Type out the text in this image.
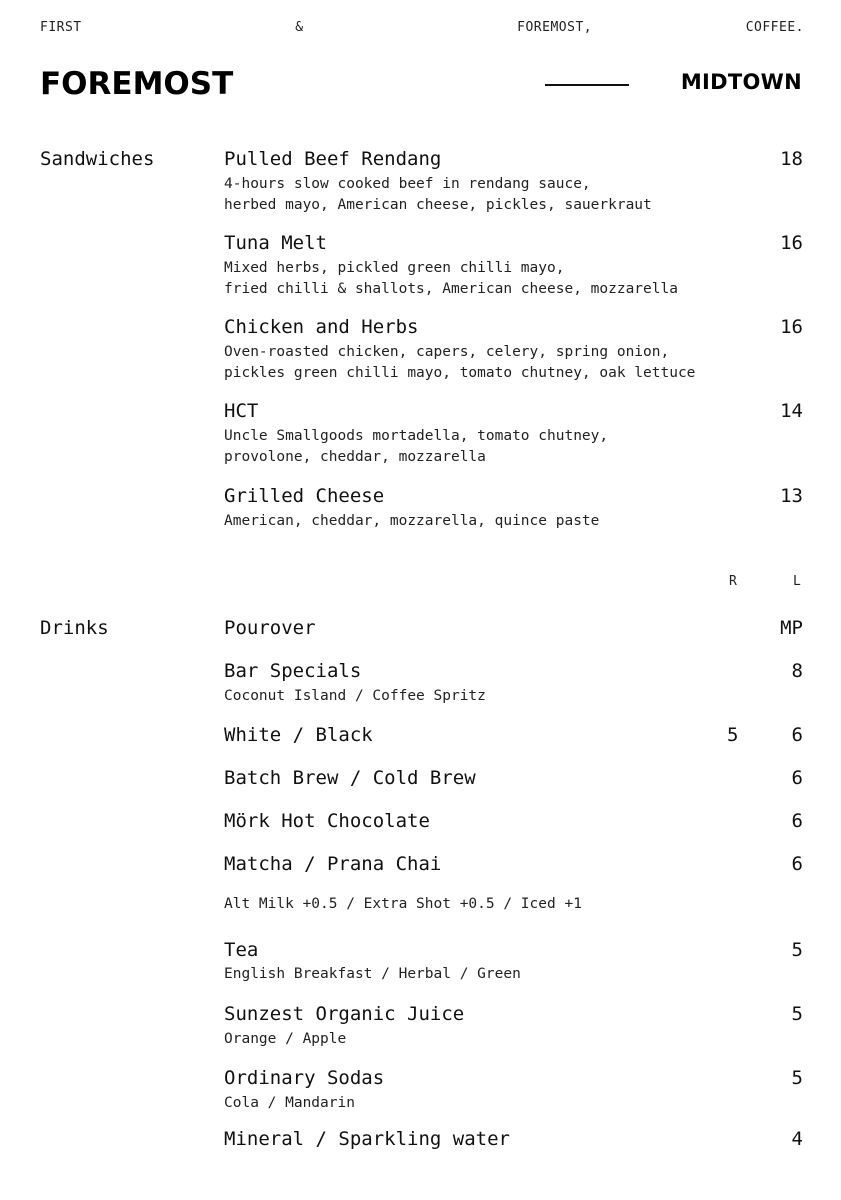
FIRST	&	FOREMOST,	COFFEE.
FOREMOST	MIDTOWN
Sandwiches	Pulled Beef Rendang	18
4-hours slow cooked beef in rendang sauce,
herbed mayo, American cheese, pickles, sauerkraut
Tuna Melt	16
Mixed herbs, pickled green chilli mayo,
fried chilli & shallots, American cheese, mozzarella
Chicken and Herbs	16
Oven-roasted chicken, capers, celery, spring onion,
pickles green chilli mayo, tomato chutney, oak lettuce
HCT	14
Uncle Smallgoods mortadella, tomato chutney,
provolone, cheddar, mozzarella
Grilled Cheese	13
American, cheddar, mozzarella, quince paste
R	L
Drinks	Pourover	MP
Bar Specials	8
Coconut Island / Coffee Spritz
White / Black	5	6
Batch Brew / Cold Brew	6
Mörk Hot Chocolate	6
Matcha / Prana Chai	6
Alt Milk +0.5 / Extra Shot +0.5 / Iced +1
Tea	5
English Breakfast / Herbal / Green
Sunzest Organic Juice	5
Orange / Apple
Ordinary Sodas	5
Cola / Mandarin
Mineral / Sparkling water	4
